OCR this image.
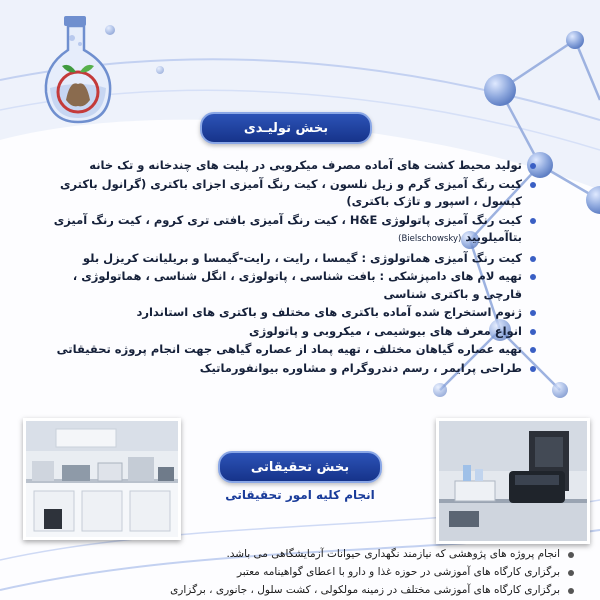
بخش تولیـدی
تولید محیط کشت های آماده مصرف میکروبی در پلیت های چندخانه و تک خانه
کیت رنگ آمیزی گرم و زیل نلسون ، کیت رنگ آمیزی اجزای باکتری (گرانول باکتری کپسول ، اسپور و تاژک باکتری)
کیت رنگ آمیزی پاتولوژی H&E ، کیت رنگ آمیزی بافتی تری کروم ، کیت رنگ آمیزی بتاآمیلویید (Bielschowsky)
کیت رنگ آمیزی هماتولوژی : گیمسا ، رایت ، رایت-گیمسا و بریلیانت کریزل بلو
تهیه لام های دامپزشکی : بافت شناسی ، پاتولوژی ، انگل شناسی ، هماتولوژی ، قارچی و باکتری شناسی
ژنوم استخراج شده آماده باکتری های مختلف و باکتری های استاندارد
انواع معرف های بیوشیمی ، میکروبی و پاتولوژی
تهیه عصاره گیاهان مختلف ، تهیه پماد از عصاره گیاهی جهت انجام پروژه تحقیقاتی
طراحی پرایمر ، رسم دندروگرام و مشاوره بیوانفورماتیک
بخش تحقیقاتی
انجام کلیه امور تحقیقاتی
انجام پروژه های پژوهشی که نیازمند نگهداری حیوانات آزمایشگاهی می باشد.
برگزاری کارگاه های آموزشی در حوزه غذا و دارو با اعطای گواهینامه معتبر
برگزاری کارگاه های آموزشی مختلف در زمینه مولکولی ، کشت سلول ، جانوری ، برگزاری
